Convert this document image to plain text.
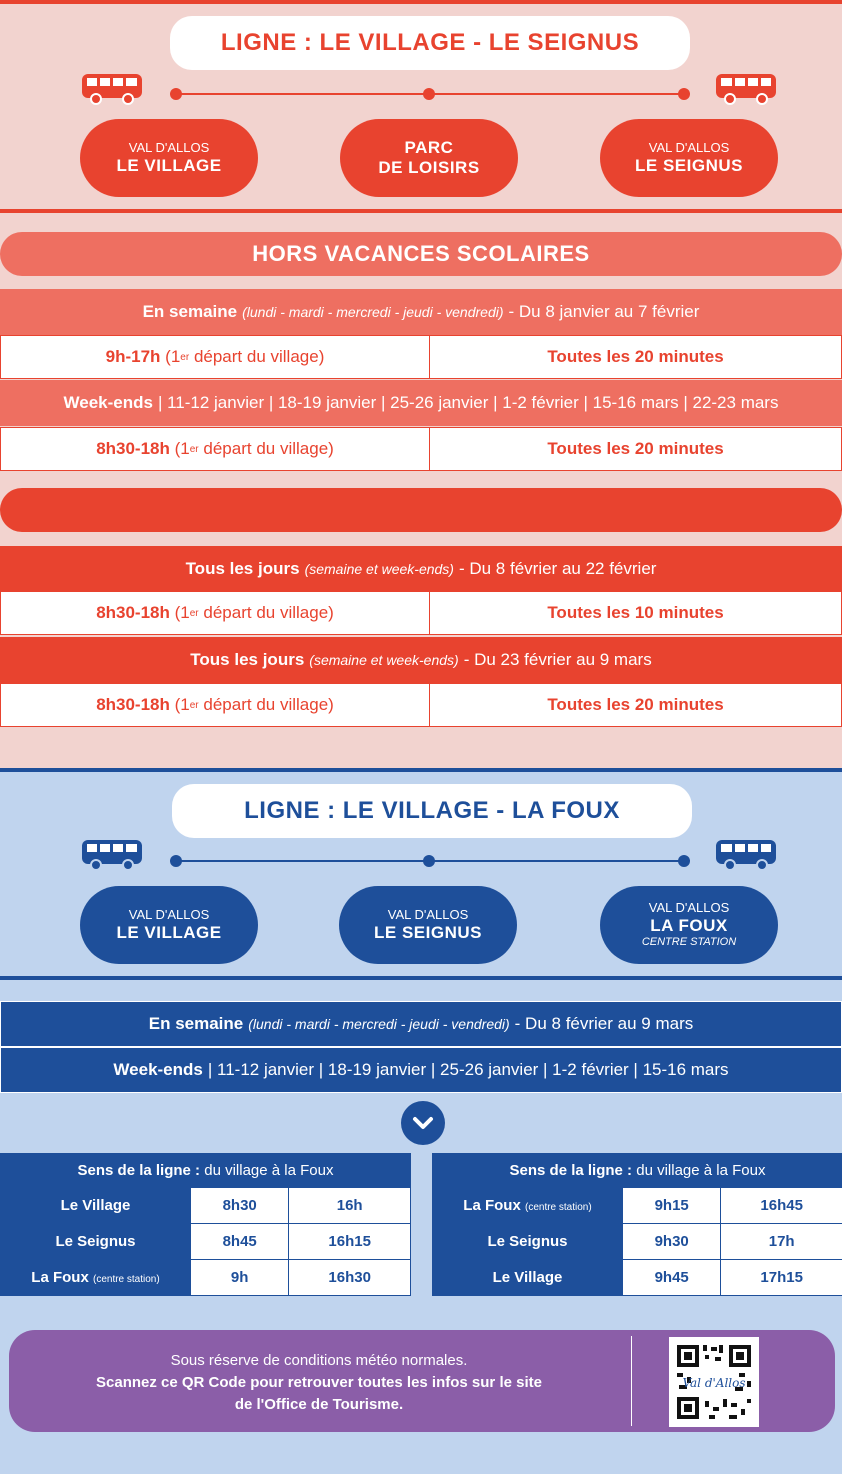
LIGNE : LE VILLAGE - LE SEIGNUS
VAL D'ALLOS
LE VILLAGE
PARC
DE LOISIRS
VAL D'ALLOS
LE SEIGNUS
HORS VACANCES SCOLAIRES
En semaine (lundi - mardi - mercredi - jeudi - vendredi) - Du 8 janvier au 7 février
9h-17h
(1 er
départ du village)	Toutes les 20 minutes
Week-ends | 11-12 janvier | 18-19 janvier | 25-26 janvier | 1-2 février | 15-16 mars | 22-23 mars
8h30-18h
(1 er
départ du village)	Toutes les 20 minutes
Tous les jours (semaine et week-ends) - Du 8 février au 22 février
8h30-18h
(1 er
départ du village)	Toutes les 10 minutes
Tous les jours (semaine et week-ends) - Du 23 février au 9 mars
8h30-18h
(1 er
départ du village)	Toutes les 20 minutes
LIGNE : LE VILLAGE - LA FOUX
VAL D'ALLOS
LE VILLAGE
VAL D'ALLOS
LE SEIGNUS
VAL D'ALLOS
LA FOUX
CENTRE STATION
En semaine (lundi - mardi - mercredi - jeudi - vendredi) - Du 8 février au 9 mars
Week-ends | 11-12 janvier | 18-19 janvier | 25-26 janvier | 1-2 février | 15-16 mars
Sens de la ligne : du village à la Foux		
Le Village	8h30	16h
Le Seignus	8h45	16h15
La Foux (centre station)	9h	16h30
Sens de la ligne : du village à la Foux		
La Foux (centre station)	9h15	16h45
Le Seignus	9h30	17h
Le Village	9h45	17h15
Sous réserve de conditions météo normales.
Scannez ce QR Code pour retrouver toutes les infos sur le site
de l'Office de Tourisme.
Val d'Allos
